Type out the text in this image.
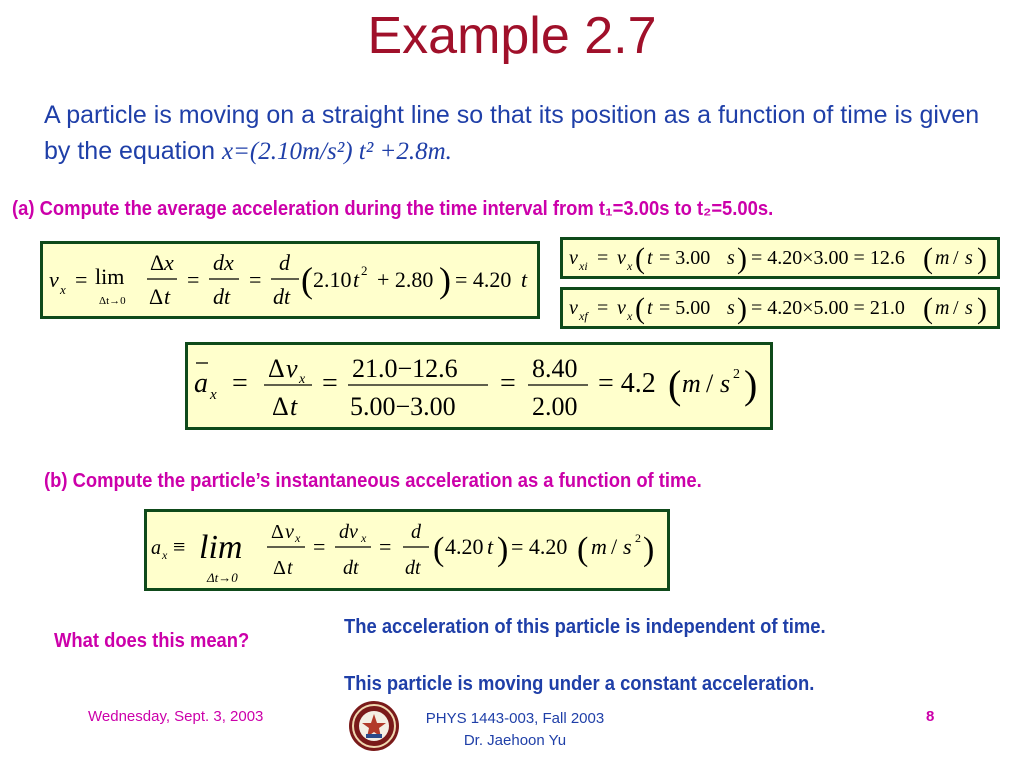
Example 2.7
A particle is moving on a straight line so that its position as a function of time is given by the equation x=(2.10m/s²) t² +2.8m.
(a) Compute the average acceleration during the time interval from t₁=3.00s to t₂=5.00s.
v x = lim
Δt→0
Δ x
Δ t
=
dx
dt
=
d
dt ( 2.10 t 2 + 2.80 ) = 4.20 t
v xi = v x ( t = 3.00 s ) = 4.20×3.00 = 12.6 ( m / s )
v xf = v x ( t = 5.00 s ) = 4.20×5.00 = 21.0 ( m / s )
a x = Δ v x
Δ t
= 21.0−12.6
5.00−3.00
= 8.40
2.00
= 4.2 ( m / s 2 )
(b) Compute the particle’s instantaneous acceleration as a function of time.
a x ≡ lim
Δt→0
Δ v x
Δ t
=
dv x
dt
=
d
dt ( 4.20 t ) = 4.20 ( m / s 2 )
The acceleration of this particle is independent of time.
What does this mean?
This particle is moving under a constant acceleration.
Wednesday, Sept. 3, 2003	PHYS 1443-003, Fall 2003
Dr. Jaehoon Yu
8
